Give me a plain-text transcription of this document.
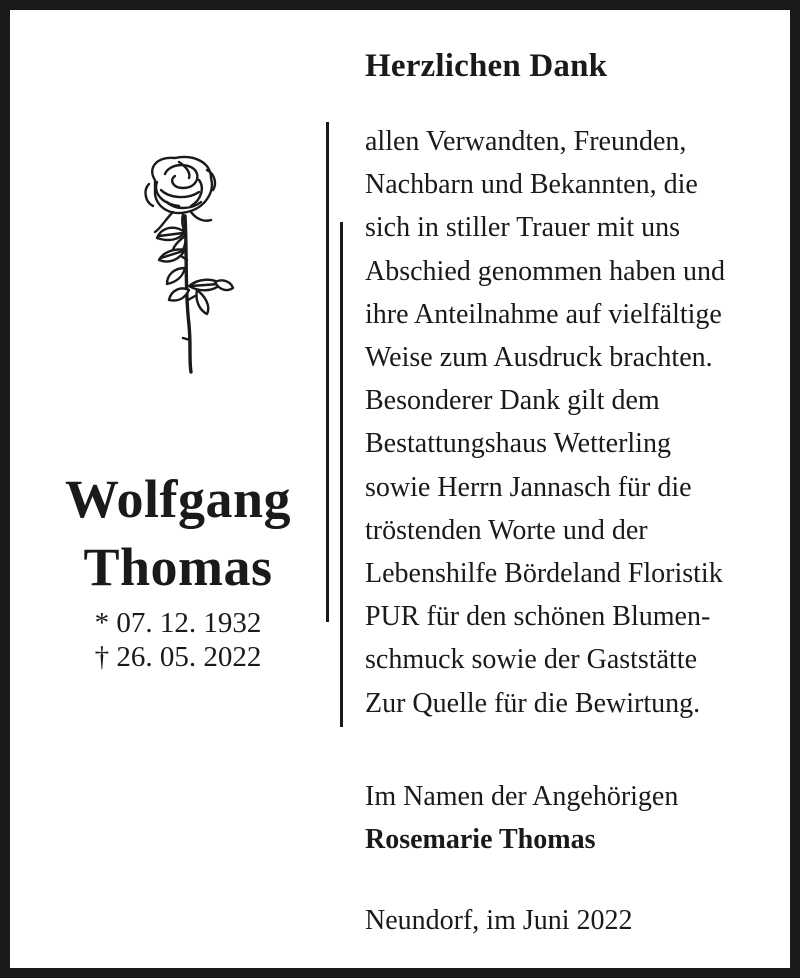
Wolfgang
Thomas
* 07. 12. 1932
† 26. 05. 2022
Herzlichen Dank
allen Verwandten, Freunden,
Nachbarn und Bekannten, die
sich in stiller Trauer mit uns
Abschied genommen haben und
ihre Anteilnahme auf vielfältige
Weise zum Ausdruck brachten.
Besonderer Dank gilt dem
Bestattungshaus Wetterling
sowie Herrn Jannasch für die
tröstenden Worte und der
Lebenshilfe Bördeland Floristik
PUR für den schönen Blumen-
schmuck sowie der Gaststätte
Zur Quelle für die Bewirtung.
Im Namen der Angehörigen
Rosemarie Thomas
Neundorf, im Juni 2022
